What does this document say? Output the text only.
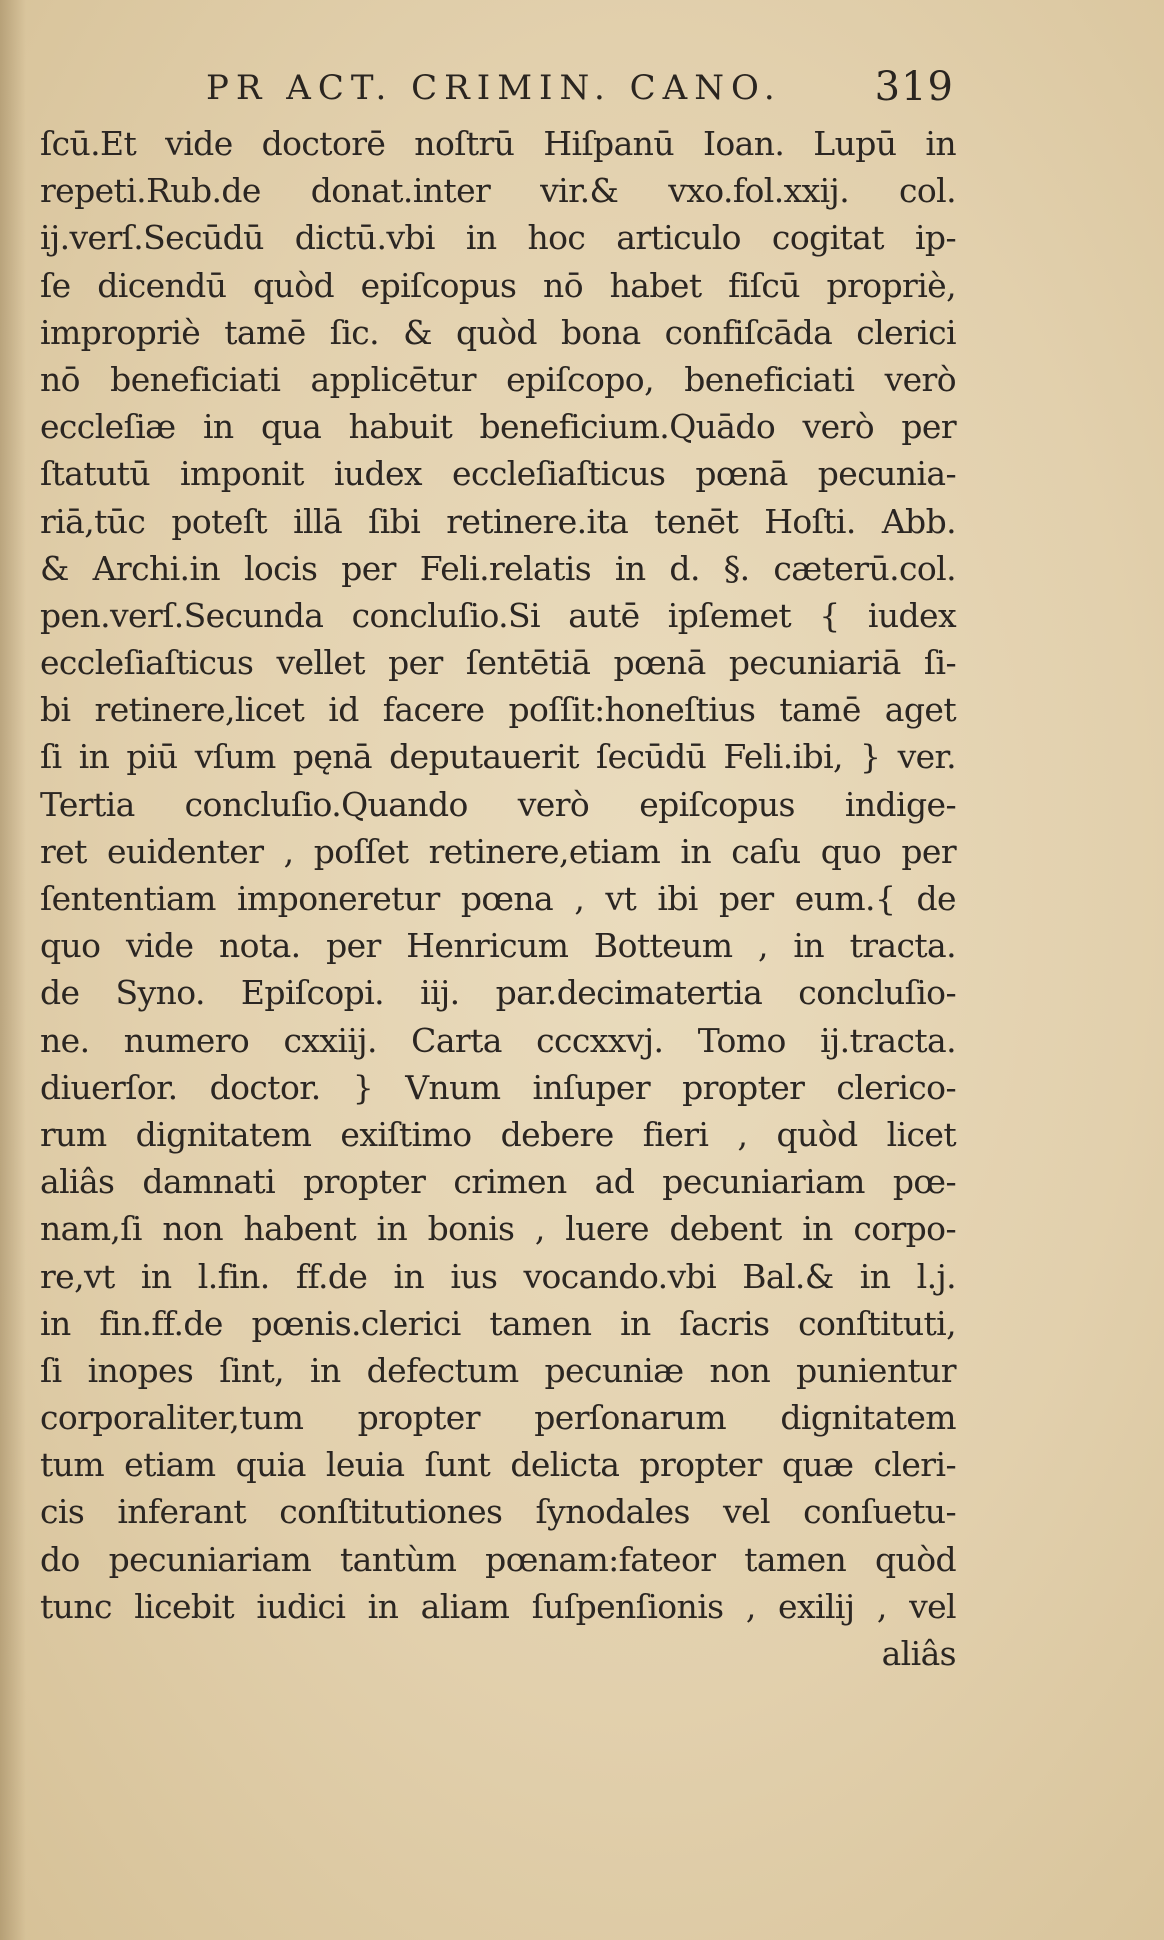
PR ACT. CRIMIN. CANO. 319
ſcū.Et vide doctorē noſtrū Hiſpanū Ioan. Lupū in
repeti.Rub.de donat.inter vir.& vxo.fol.xxij. col.
ij.verſ.Secūdū dictū.vbi in hoc articulo cogitat ip-
ſe dicendū quòd epiſcopus nō habet fiſcū propriè,
impropriè tamē ſic. & quòd bona confiſcāda clerici
nō beneficiati applicētur epiſcopo, beneficiati verò
eccleſiæ in qua habuit beneficium.Quādo verò per
ſtatutū imponit iudex eccleſiaſticus pœnā pecunia-
riā,tūc poteſt illā ſibi retinere.ita tenēt Hoſti. Abb.
& Archi.in locis per Feli.relatis in d. §. cæterū.col.
pen.verſ.Secunda concluſio.Si autē ipſemet { iudex
eccleſiaſticus vellet per ſentētiā pœnā pecuniariā ſi-
bi retinere,licet id facere poſſit:honeſtius tamē aget
ſi in piū vſum pęnā deputauerit ſecūdū Feli.ibi, } ver.
Tertia concluſio.Quando verò epiſcopus indige-
ret euidenter , poſſet retinere,etiam in caſu quo per
ſententiam imponeretur pœna , vt ibi per eum.{ de
quo vide nota. per Henricum Botteum , in tracta.
de Syno. Epiſcopi. iij. par.decimatertia concluſio-
ne. numero cxxiij. Carta cccxxvj. Tomo ij.tracta.
diuerſor. doctor. } Vnum inſuper propter clerico-
rum dignitatem exiſtimo debere fieri , quòd licet
aliâs damnati propter crimen ad pecuniariam pœ-
nam,ſi non habent in bonis , luere debent in corpo-
re,vt in l.fin. ff.de in ius vocando.vbi Bal.& in l.j.
in fin.ff.de pœnis.clerici tamen in ſacris conſtituti,
ſi inopes ſint, in defectum pecuniæ non punientur
corporaliter,tum propter perſonarum dignitatem
tum etiam quia leuia ſunt delicta propter quæ cleri-
cis inferant conſtitutiones ſynodales vel conſuetu-
do pecuniariam tantùm pœnam:fateor tamen quòd
tunc licebit iudici in aliam ſuſpenſionis , exilij , vel
aliâs
